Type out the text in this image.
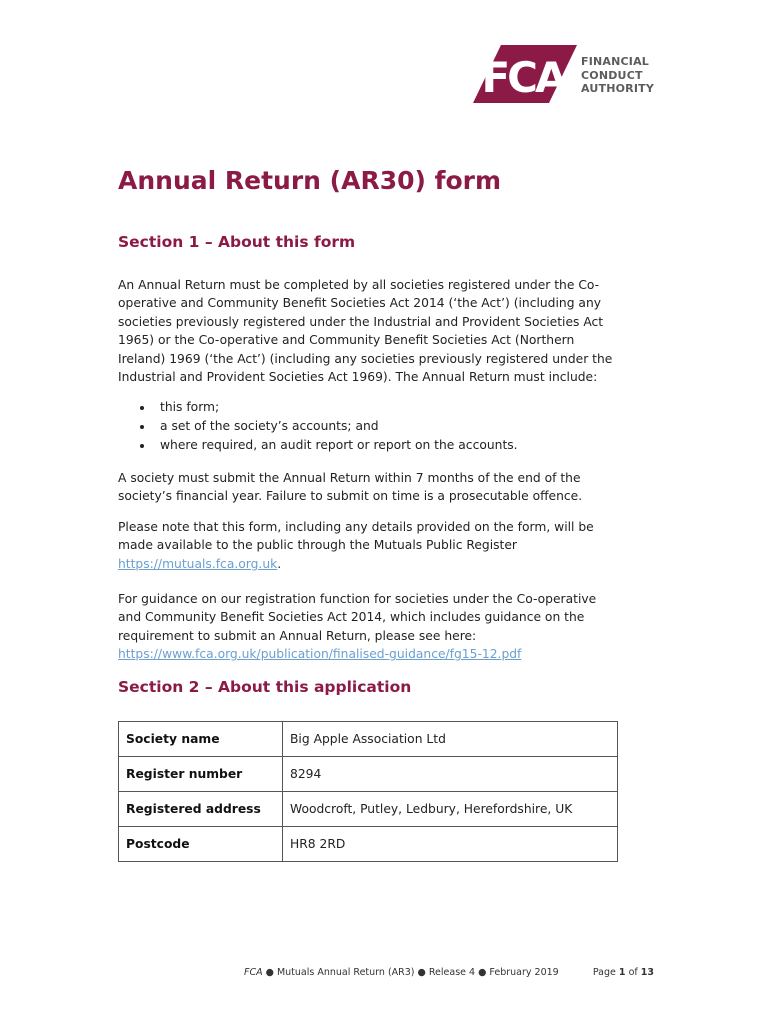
FCA	FINANCIAL
CONDUCT
AUTHORITY
Annual Return (AR30) form
Section 1 – About this form
An Annual Return must be completed by all societies registered under the Co-
operative and Community Benefit Societies Act 2014 (‘the Act’) (including any
societies previously registered under the Industrial and Provident Societies Act
1965) or the Co-operative and Community Benefit Societies Act (Northern
Ireland) 1969 (‘the Act’) (including any societies previously registered under the
Industrial and Provident Societies Act 1969). The Annual Return must include:
this form;
a set of the society’s accounts; and
where required, an audit report or report on the accounts.
A society must submit the Annual Return within 7 months of the end of the
society’s financial year. Failure to submit on time is a prosecutable offence.
Please note that this form, including any details provided on the form, will be
made available to the public through the Mutuals Public Register
https://mutuals.fca.org.uk.
For guidance on our registration function for societies under the Co-operative
and Community Benefit Societies Act 2014, which includes guidance on the
requirement to submit an Annual Return, please see here:
https://www.fca.org.uk/publication/finalised-guidance/fg15-12.pdf
Section 2 – About this application
Society name	Big Apple Association Ltd
Register number	8294
Registered address	Woodcroft, Putley, Ledbury, Herefordshire, UK
Postcode	HR8 2RD
FCA ● Mutuals Annual Return (AR3) ● Release 4 ● February 2019	Page 1 of 13
